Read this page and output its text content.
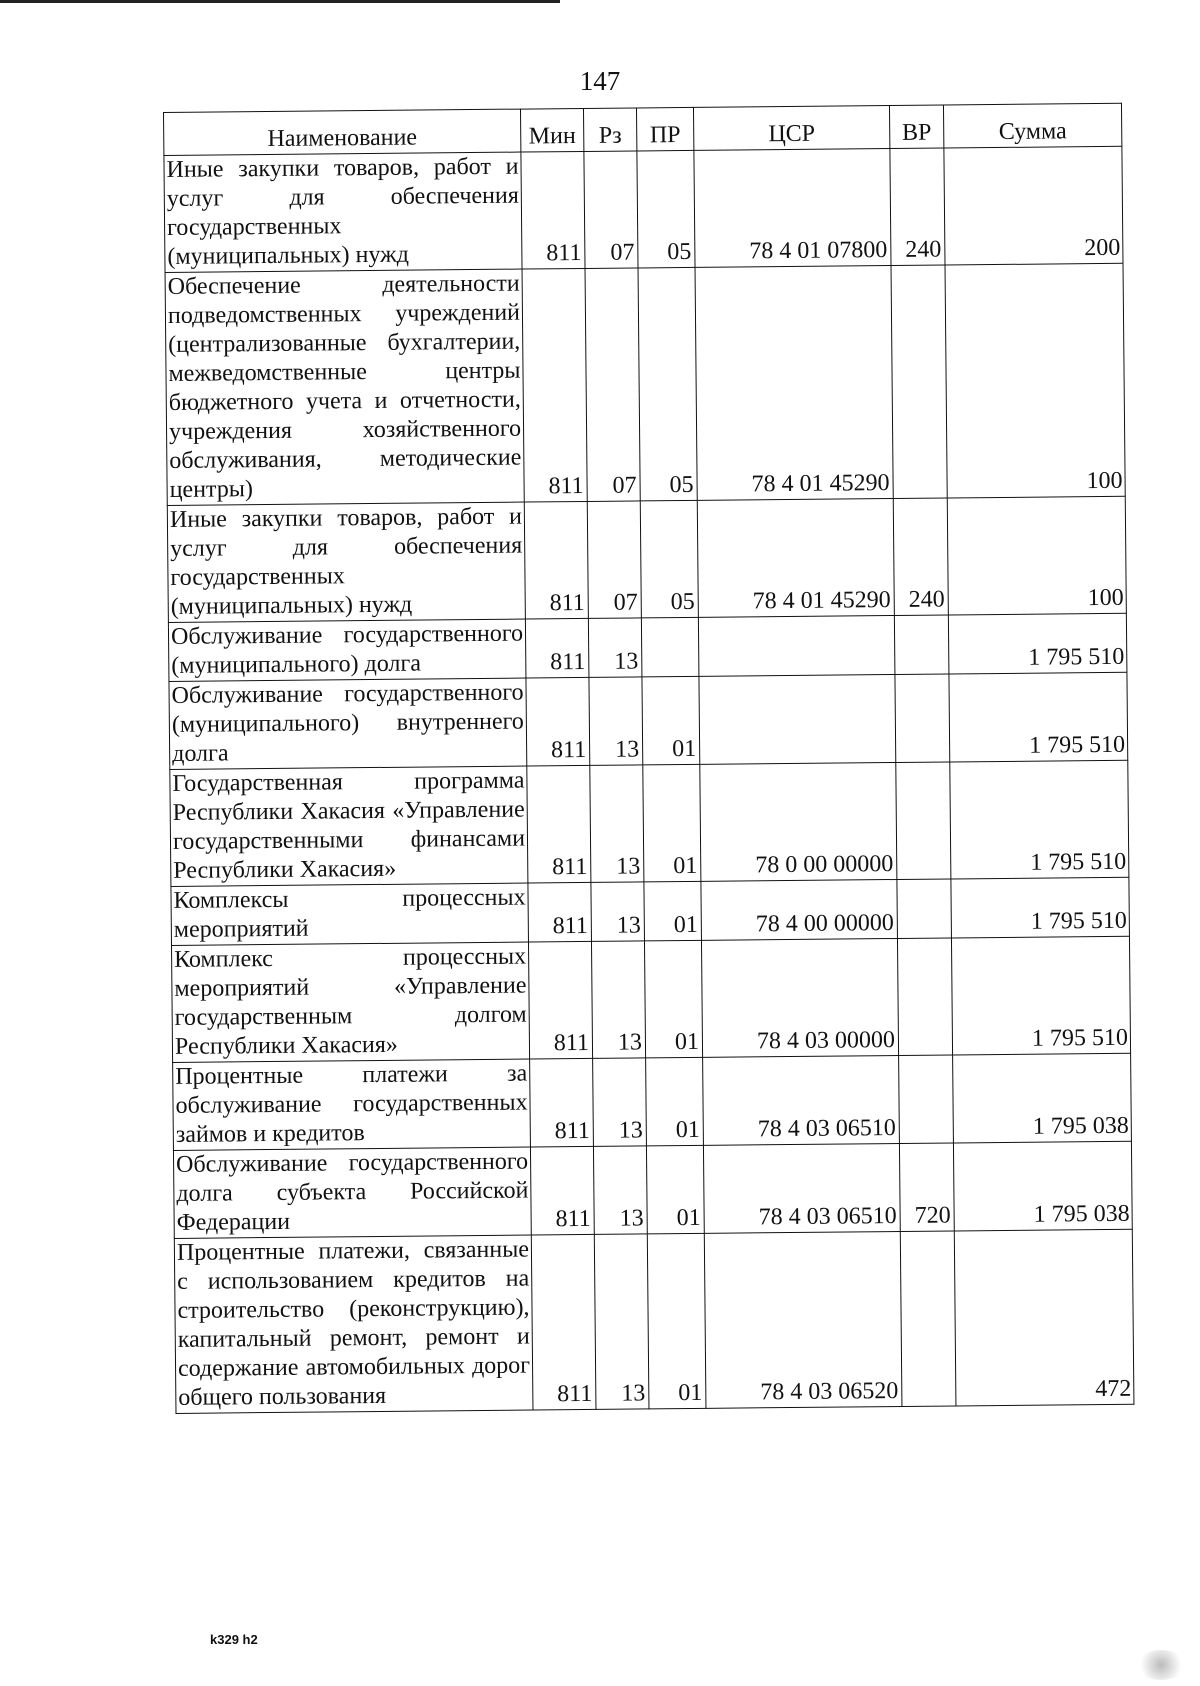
147
Наименование	Мин	Рз	ПР	ЦСР	ВР	Сумма
Иные закупки товаров, работ и услуг для обеспечения государственных (муниципальных) нужд	811	07	05	78 4 01 07800	240	200
Обеспечение деятельности подведомственных учреждений (централизованные бухгалтерии, межведомственные центры бюджетного учета и отчетности, учреждения хозяйственного обслуживания, методические центры)	811	07	05	78 4 01 45290		100
Иные закупки товаров, работ и услуг для обеспечения государственных (муниципальных) нужд	811	07	05	78 4 01 45290	240	100
Обслуживание государственного (муниципального) долга	811	13				1 795 510
Обслуживание государственного (муниципального) внутреннего долга	811	13	01			1 795 510
Государственная программа Республики Хакасия «Управление государственными финансами Республики Хакасия»	811	13	01	78 0 00 00000		1 795 510
Комплексы процессных мероприятий	811	13	01	78 4 00 00000		1 795 510
Комплекс процессных мероприятий «Управление государственным долгом Республики Хакасия»	811	13	01	78 4 03 00000		1 795 510
Процентные платежи за обслуживание государственных займов и кредитов	811	13	01	78 4 03 06510		1 795 038
Обслуживание государственного долга субъекта Российской Федерации	811	13	01	78 4 03 06510	720	1 795 038
Процентные платежи, связанные с использованием кредитов на строительство (реконструкцию), капитальный ремонт, ремонт и содержание автомобильных дорог общего пользования	811	13	01	78 4 03 06520		472
k329 h2
